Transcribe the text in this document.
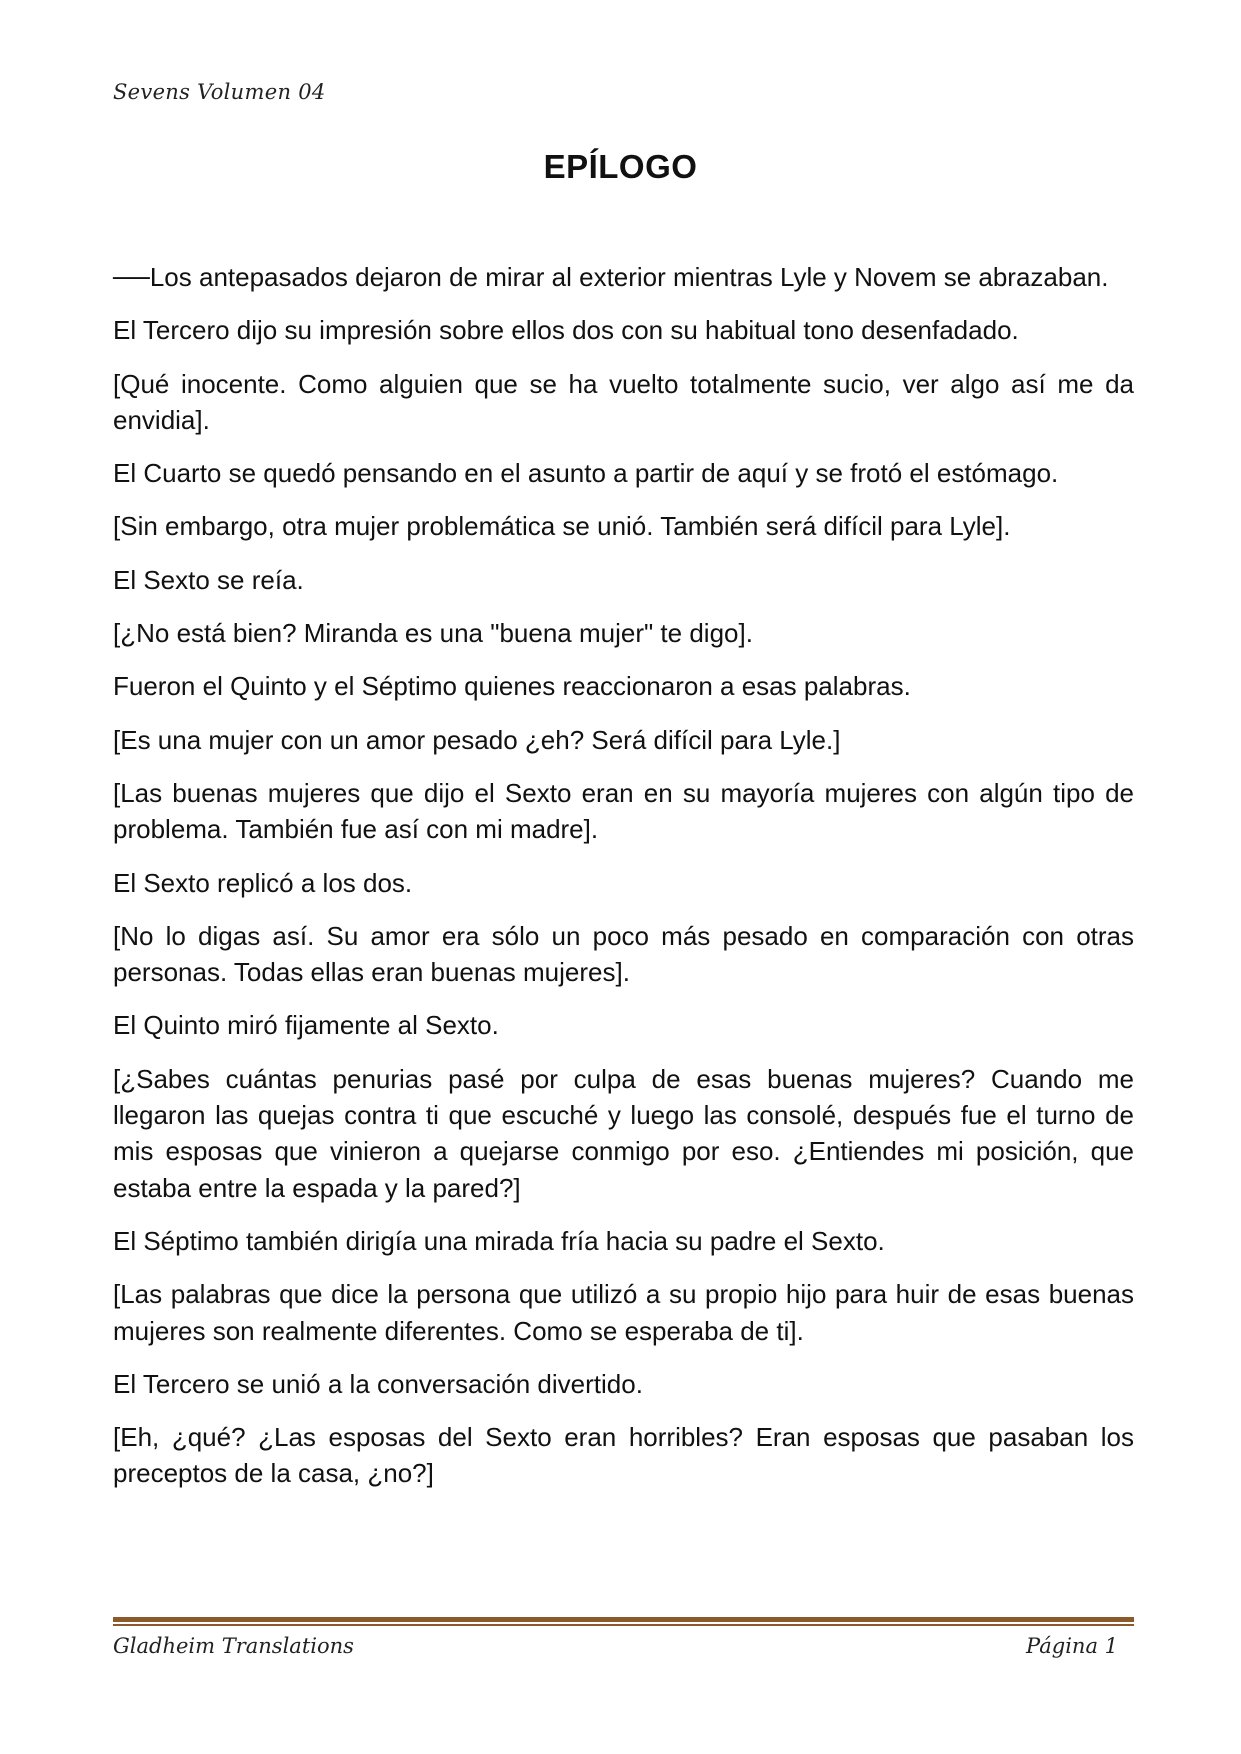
Sevens Volumen 04
EPÍLOGO

──Los antepasados dejaron de mirar al exterior mientras Lyle y Novem se abrazaban.

El Tercero dijo su impresión sobre ellos dos con su habitual tono desenfadado.

[Qué inocente. Como alguien que se ha vuelto totalmente sucio, ver algo así me da envidia].

El Cuarto se quedó pensando en el asunto a partir de aquí y se frotó el estómago.

[Sin embargo, otra mujer problemática se unió. También será difícil para Lyle].

El Sexto se reía.

[¿No está bien? Miranda es una "buena mujer" te digo].

Fueron el Quinto y el Séptimo quienes reaccionaron a esas palabras.

[Es una mujer con un amor pesado ¿eh? Será difícil para Lyle.]

[Las buenas mujeres que dijo el Sexto eran en su mayoría mujeres con algún tipo de problema. También fue así con mi madre].

El Sexto replicó a los dos.

[No lo digas así. Su amor era sólo un poco más pesado en comparación con otras personas. Todas ellas eran buenas mujeres].

El Quinto miró fijamente al Sexto.

[¿Sabes cuántas penurias pasé por culpa de esas buenas mujeres? Cuando me llegaron las quejas contra ti que escuché y luego las consolé, después fue el turno de mis esposas que vinieron a quejarse conmigo por eso. ¿Entiendes mi posición, que estaba entre la espada y la pared?]

El Séptimo también dirigía una mirada fría hacia su padre el Sexto.

[Las palabras que dice la persona que utilizó a su propio hijo para huir de esas buenas mujeres son realmente diferentes. Como se esperaba de ti].

El Tercero se unió a la conversación divertido.

[Eh, ¿qué? ¿Las esposas del Sexto eran horribles? Eran esposas que pasaban los preceptos de la casa, ¿no?]

Gladheim Translations	Página 1
